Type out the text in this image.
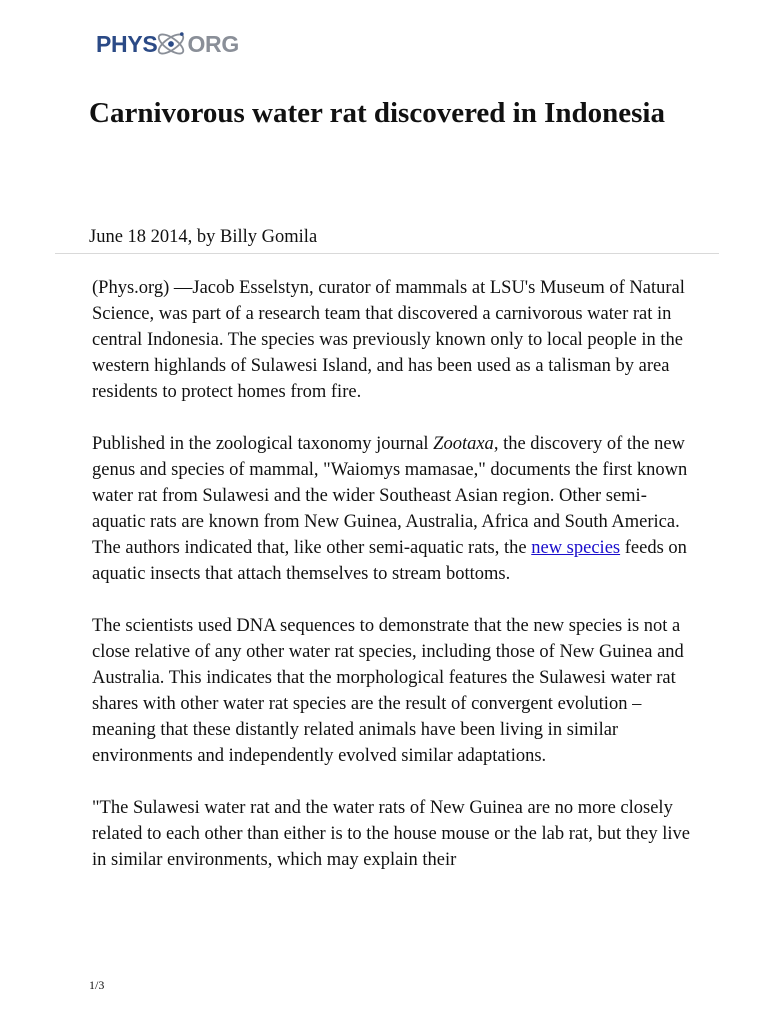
PHYS ORG
Carnivorous water rat discovered in Indonesia

June 18 2014, by Billy Gomila

(Phys.org) —Jacob Esselstyn, curator of mammals at LSU's Museum of Natural Science, was part of a research team that discovered a carnivorous water rat in central Indonesia. The species was previously known only to local people in the western highlands of Sulawesi Island, and has been used as a talisman by area residents to protect homes from fire.

Published in the zoological taxonomy journal Zootaxa, the discovery of the new genus and species of mammal, "Waiomys mamasae," documents the first known water rat from Sulawesi and the wider Southeast Asian region. Other semi-aquatic rats are known from New Guinea, Australia, Africa and South America. The authors indicated that, like other semi-aquatic rats, the new species feeds on aquatic insects that attach themselves to stream bottoms.

The scientists used DNA sequences to demonstrate that the new species is not a close relative of any other water rat species, including those of New Guinea and Australia. This indicates that the morphological features the Sulawesi water rat shares with other water rat species are the result of convergent evolution – meaning that these distantly related animals have been living in similar environments and independently evolved similar adaptations.

"The Sulawesi water rat and the water rats of New Guinea are no more closely related to each other than either is to the house mouse or the lab rat, but they live in similar environments, which may explain their

1/3
